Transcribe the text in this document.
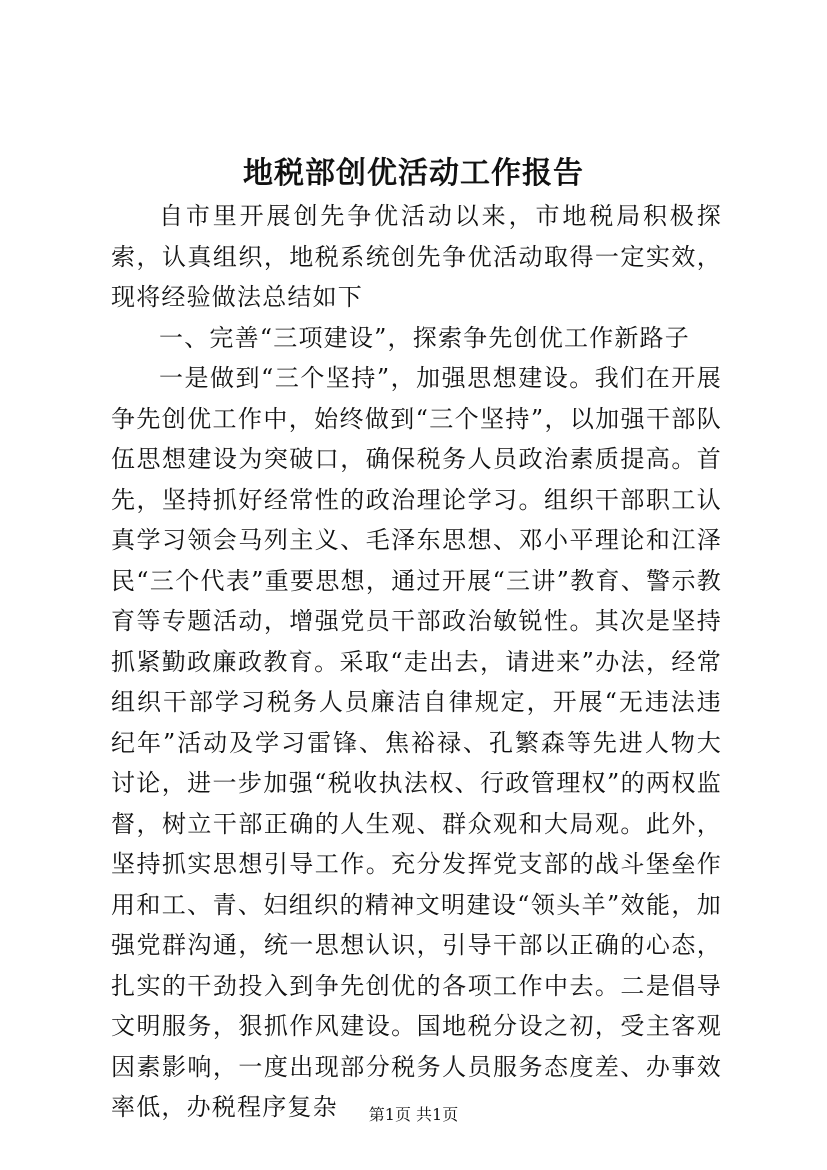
地税部创优活动工作报告

自市里开展创先争优活动以来，市地税局积极探索，认真组织，地税系统创先争优活动取得一定实效，现将经验做法总结如下

一、完善“三项建设”，探索争先创优工作新路子

一是做到“三个坚持”，加强思想建设。我们在开展争先创优工作中，始终做到“三个坚持”，以加强干部队伍思想建设为突破口，确保税务人员政治素质提高。首先，坚持抓好经常性的政治理论学习。组织干部职工认真学习领会马列主义、毛泽东思想、邓小平理论和江泽民“三个代表”重要思想，通过开展“三讲”教育、警示教育等专题活动，增强党员干部政治敏锐性。其次是坚持抓紧勤政廉政教育。采取“走出去，请进来”办法，经常组织干部学习税务人员廉洁自律规定，开展“无违法违纪年”活动及学习雷锋、焦裕禄、孔繁森等先进人物大讨论，进一步加强“税收执法权、行政管理权”的两权监督，树立干部正确的人生观、群众观和大局观。此外，坚持抓实思想引导工作。充分发挥党支部的战斗堡垒作用和工、青、妇组织的精神文明建设“领头羊”效能，加强党群沟通，统一思想认识，引导干部以正确的心态，扎实的干劲投入到争先创优的各项工作中去。二是倡导文明服务，狠抓作风建设。国地税分设之初，受主客观因素影响，一度出现部分税务人员服务态度差、办事效率低，办税程序复杂	第1页 共1页
